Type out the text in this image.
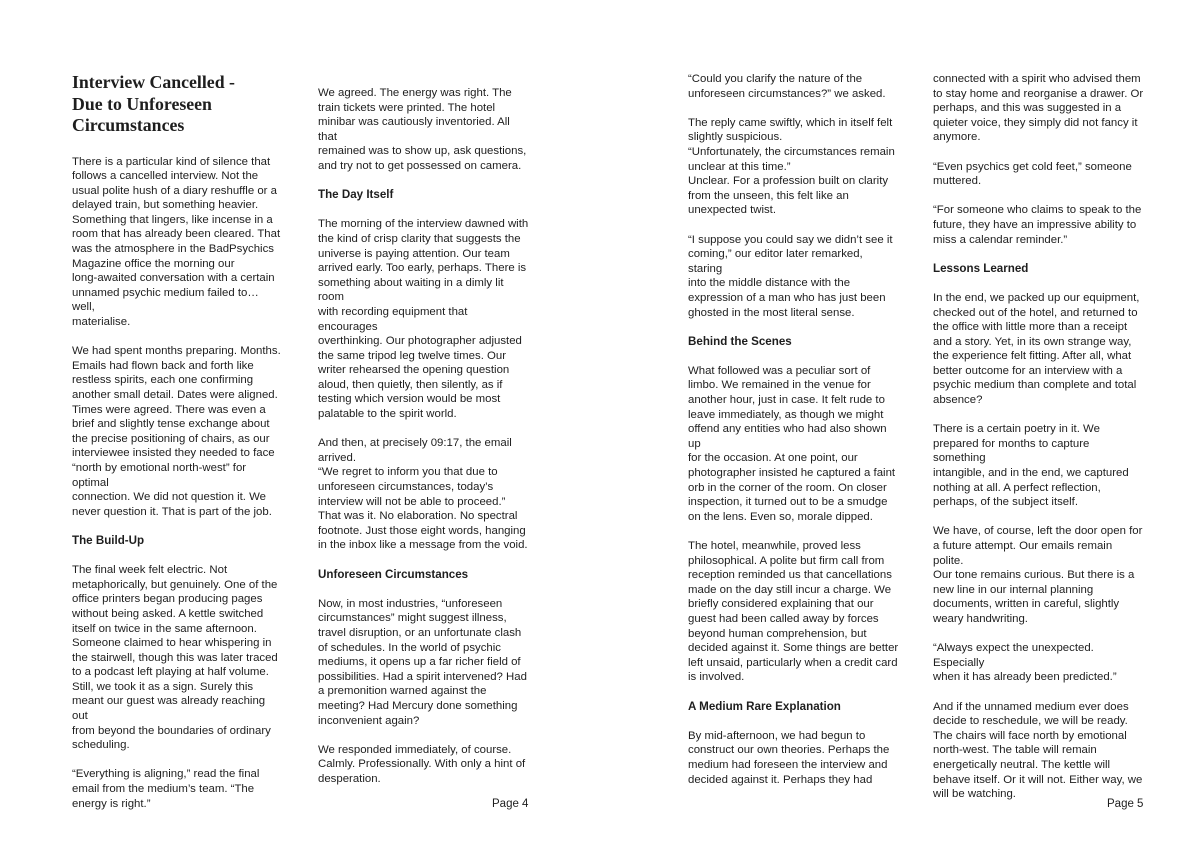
Interview Cancelled -
Due to Unforeseen
Circumstances

There is a particular kind of silence that
follows a cancelled interview. Not the
usual polite hush of a diary reshuffle or a
delayed train, but something heavier.
Something that lingers, like incense in a
room that has already been cleared. That
was the atmosphere in the BadPsychics
Magazine office the morning our
long-awaited conversation with a certain
unnamed psychic medium failed to… well,
materialise.

We had spent months preparing. Months.
Emails had flown back and forth like
restless spirits, each one confirming
another small detail. Dates were aligned.
Times were agreed. There was even a
brief and slightly tense exchange about
the precise positioning of chairs, as our
interviewee insisted they needed to face
“north by emotional north-west” for optimal
connection. We did not question it. We
never question it. That is part of the job.

The Build-Up

The final week felt electric. Not
metaphorically, but genuinely. One of the
office printers began producing pages
without being asked. A kettle switched
itself on twice in the same afternoon.
Someone claimed to hear whispering in
the stairwell, though this was later traced
to a podcast left playing at half volume.
Still, we took it as a sign. Surely this
meant our guest was already reaching out
from beyond the boundaries of ordinary
scheduling.

“Everything is aligning,” read the final
email from the medium’s team. “The
energy is right.”

We agreed. The energy was right. The
train tickets were printed. The hotel
minibar was cautiously inventoried. All that
remained was to show up, ask questions,
and try not to get possessed on camera.

The Day Itself

The morning of the interview dawned with
the kind of crisp clarity that suggests the
universe is paying attention. Our team
arrived early. Too early, perhaps. There is
something about waiting in a dimly lit room
with recording equipment that encourages
overthinking. Our photographer adjusted
the same tripod leg twelve times. Our
writer rehearsed the opening question
aloud, then quietly, then silently, as if
testing which version would be most
palatable to the spirit world.

And then, at precisely 09:17, the email
arrived.
“We regret to inform you that due to
unforeseen circumstances, today’s
interview will not be able to proceed.”
That was it. No elaboration. No spectral
footnote. Just those eight words, hanging
in the inbox like a message from the void.

Unforeseen Circumstances

Now, in most industries, “unforeseen
circumstances” might suggest illness,
travel disruption, or an unfortunate clash
of schedules. In the world of psychic
mediums, it opens up a far richer field of
possibilities. Had a spirit intervened? Had
a premonition warned against the
meeting? Had Mercury done something
inconvenient again?

We responded immediately, of course.
Calmly. Professionally. With only a hint of
desperation.

Page 4

“Could you clarify the nature of the
unforeseen circumstances?” we asked.

The reply came swiftly, which in itself felt
slightly suspicious.
“Unfortunately, the circumstances remain
unclear at this time.”
Unclear. For a profession built on clarity
from the unseen, this felt like an
unexpected twist.

“I suppose you could say we didn’t see it
coming,” our editor later remarked, staring
into the middle distance with the
expression of a man who has just been
ghosted in the most literal sense.

Behind the Scenes

What followed was a peculiar sort of
limbo. We remained in the venue for
another hour, just in case. It felt rude to
leave immediately, as though we might
offend any entities who had also shown up
for the occasion. At one point, our
photographer insisted he captured a faint
orb in the corner of the room. On closer
inspection, it turned out to be a smudge
on the lens. Even so, morale dipped.

The hotel, meanwhile, proved less
philosophical. A polite but firm call from
reception reminded us that cancellations
made on the day still incur a charge. We
briefly considered explaining that our
guest had been called away by forces
beyond human comprehension, but
decided against it. Some things are better
left unsaid, particularly when a credit card
is involved.

A Medium Rare Explanation

By mid-afternoon, we had begun to
construct our own theories. Perhaps the
medium had foreseen the interview and
decided against it. Perhaps they had

connected with a spirit who advised them
to stay home and reorganise a drawer. Or
perhaps, and this was suggested in a
quieter voice, they simply did not fancy it
anymore.

“Even psychics get cold feet,” someone
muttered.

“For someone who claims to speak to the
future, they have an impressive ability to
miss a calendar reminder.”

Lessons Learned

In the end, we packed up our equipment,
checked out of the hotel, and returned to
the office with little more than a receipt
and a story. Yet, in its own strange way,
the experience felt fitting. After all, what
better outcome for an interview with a
psychic medium than complete and total
absence?

There is a certain poetry in it. We
prepared for months to capture something
intangible, and in the end, we captured
nothing at all. A perfect reflection,
perhaps, of the subject itself.

We have, of course, left the door open for
a future attempt. Our emails remain polite.
Our tone remains curious. But there is a
new line in our internal planning
documents, written in careful, slightly
weary handwriting.

“Always expect the unexpected. Especially
when it has already been predicted.”

And if the unnamed medium ever does
decide to reschedule, we will be ready.
The chairs will face north by emotional
north-west. The table will remain
energetically neutral. The kettle will
behave itself. Or it will not. Either way, we
will be watching.

Page 5
